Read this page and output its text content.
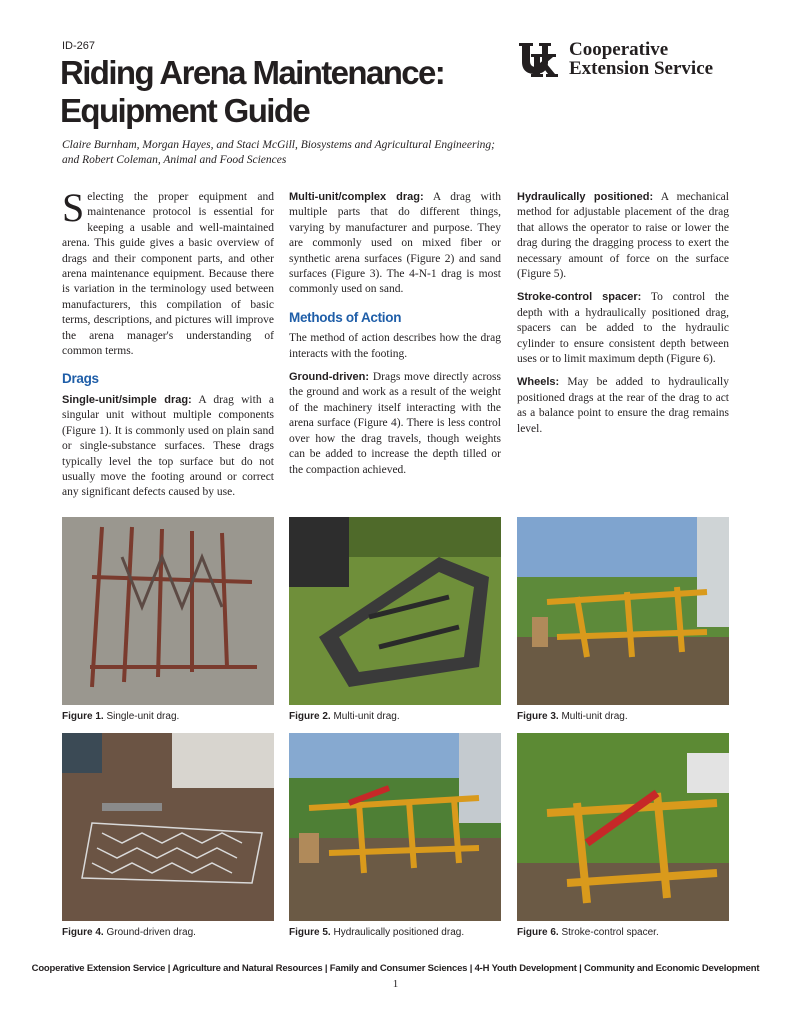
ID-267
Riding Arena Maintenance:
Equipment Guide
Claire Burnham, Morgan Hayes, and Staci McGill, Biosystems and Agricultural Engineering;
and Robert Coleman, Animal and Food Sciences
Cooperative
Extension Service

Selecting the proper equipment and maintenance protocol is essential for keeping a usable and well-maintained arena. This guide gives a basic overview of drags and their component parts, and other arena maintenance equipment. Because there is variation in the terminology used between manufacturers, this compilation of basic terms, descriptions, and pictures will improve the arena manager's understanding of common terms.

Drags

Single-unit/simple drag: A drag with a singular unit without multiple components (Figure 1). It is commonly used on plain sand or single-substance surfaces. These drags typically level the top surface but do not usually move the footing around or correct any significant defects caused by use.

Multi-unit/complex drag: A drag with multiple parts that do different things, varying by manufacturer and purpose. They are commonly used on mixed fiber or synthetic arena surfaces (Figure 2) and sand surfaces (Figure 3). The 4-N-1 drag is most commonly used on sand.

Methods of Action

The method of action describes how the drag interacts with the footing.

Ground-driven: Drags move directly across the ground and work as a result of the weight of the machinery itself interacting with the arena surface (Figure 4). There is less control over how the drag travels, though weights can be added to increase the depth tilled or the compaction achieved.

Hydraulically positioned: A mechanical method for adjustable placement of the drag that allows the operator to raise or lower the drag during the dragging process to exert the necessary amount of force on the surface (Figure 5).

Stroke-control spacer: To control the depth with a hydraulically positioned drag, spacers can be added to the hydraulic cylinder to ensure consistent depth between uses or to limit maximum depth (Figure 6).

Wheels: May be added to hydraulically positioned drags at the rear of the drag to act as a balance point to ensure the drag remains level.

Figure 1. Single-unit drag.	Figure 2. Multi-unit drag.	Figure 3. Multi-unit drag.
Figure 4. Ground-driven drag.	Figure 5. Hydraulically positioned drag.	Figure 6. Stroke-control spacer.
Cooperative Extension Service | Agriculture and Natural Resources | Family and Consumer Sciences | 4-H Youth Development | Community and Economic Development
1
